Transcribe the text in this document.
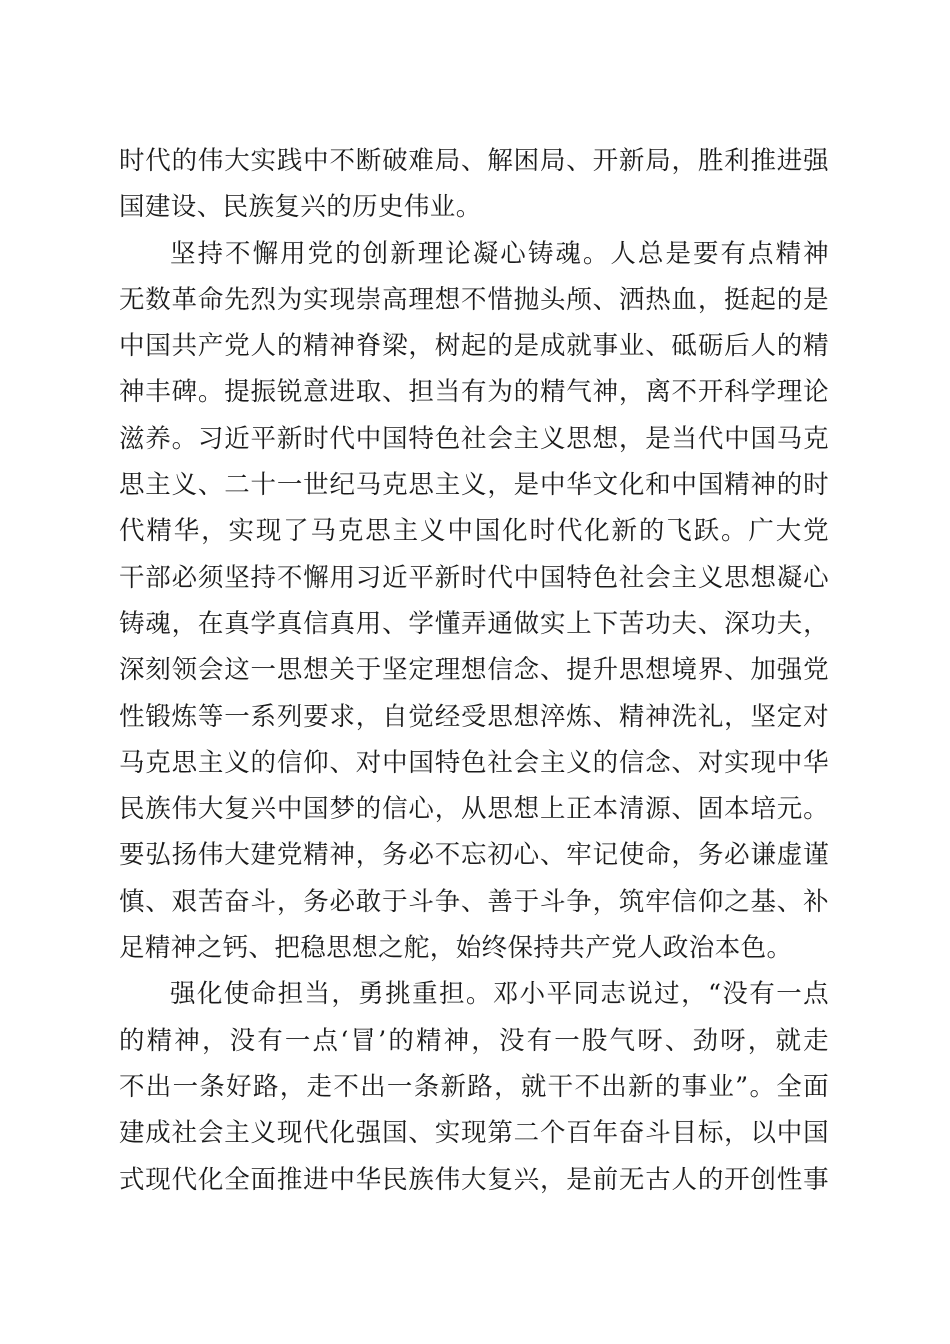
时代的伟大实践中不断破难局、解困局、开新局，胜利推进强
国建设、民族复兴的历史伟业。
坚持不懈用党的创新理论凝心铸魂。人总是要有点精神
无数革命先烈为实现崇高理想不惜抛头颅、洒热血，挺起的是
中国共产党人的精神脊梁，树起的是成就事业、砥砺后人的精
神丰碑。提振锐意进取、担当有为的精气神，离不开科学理论
滋养。习近平新时代中国特色社会主义思想，是当代中国马克
思主义、二十一世纪马克思主义，是中华文化和中国精神的时
代精华，实现了马克思主义中国化时代化新的飞跃。广大党
干部必须坚持不懈用习近平新时代中国特色社会主义思想凝心
铸魂，在真学真信真用、学懂弄通做实上下苦功夫、深功夫，
深刻领会这一思想关于坚定理想信念、提升思想境界、加强党
性锻炼等一系列要求，自觉经受思想淬炼、精神洗礼，坚定对
马克思主义的信仰、对中国特色社会主义的信念、对实现中华
民族伟大复兴中国梦的信心，从思想上正本清源、固本培元。
要弘扬伟大建党精神，务必不忘初心、牢记使命，务必谦虚谨
慎、艰苦奋斗，务必敢于斗争、善于斗争，筑牢信仰之基、补
足精神之钙、把稳思想之舵，始终保持共产党人政治本色。
强化使命担当，勇挑重担。邓小平同志说过，“没有一点
的精神，没有一点‘冒’的精神，没有一股气呀、劲呀，就走
不出一条好路，走不出一条新路，就干不出新的事业”。全面
建成社会主义现代化强国、实现第二个百年奋斗目标，以中国
式现代化全面推进中华民族伟大复兴，是前无古人的开创性事
